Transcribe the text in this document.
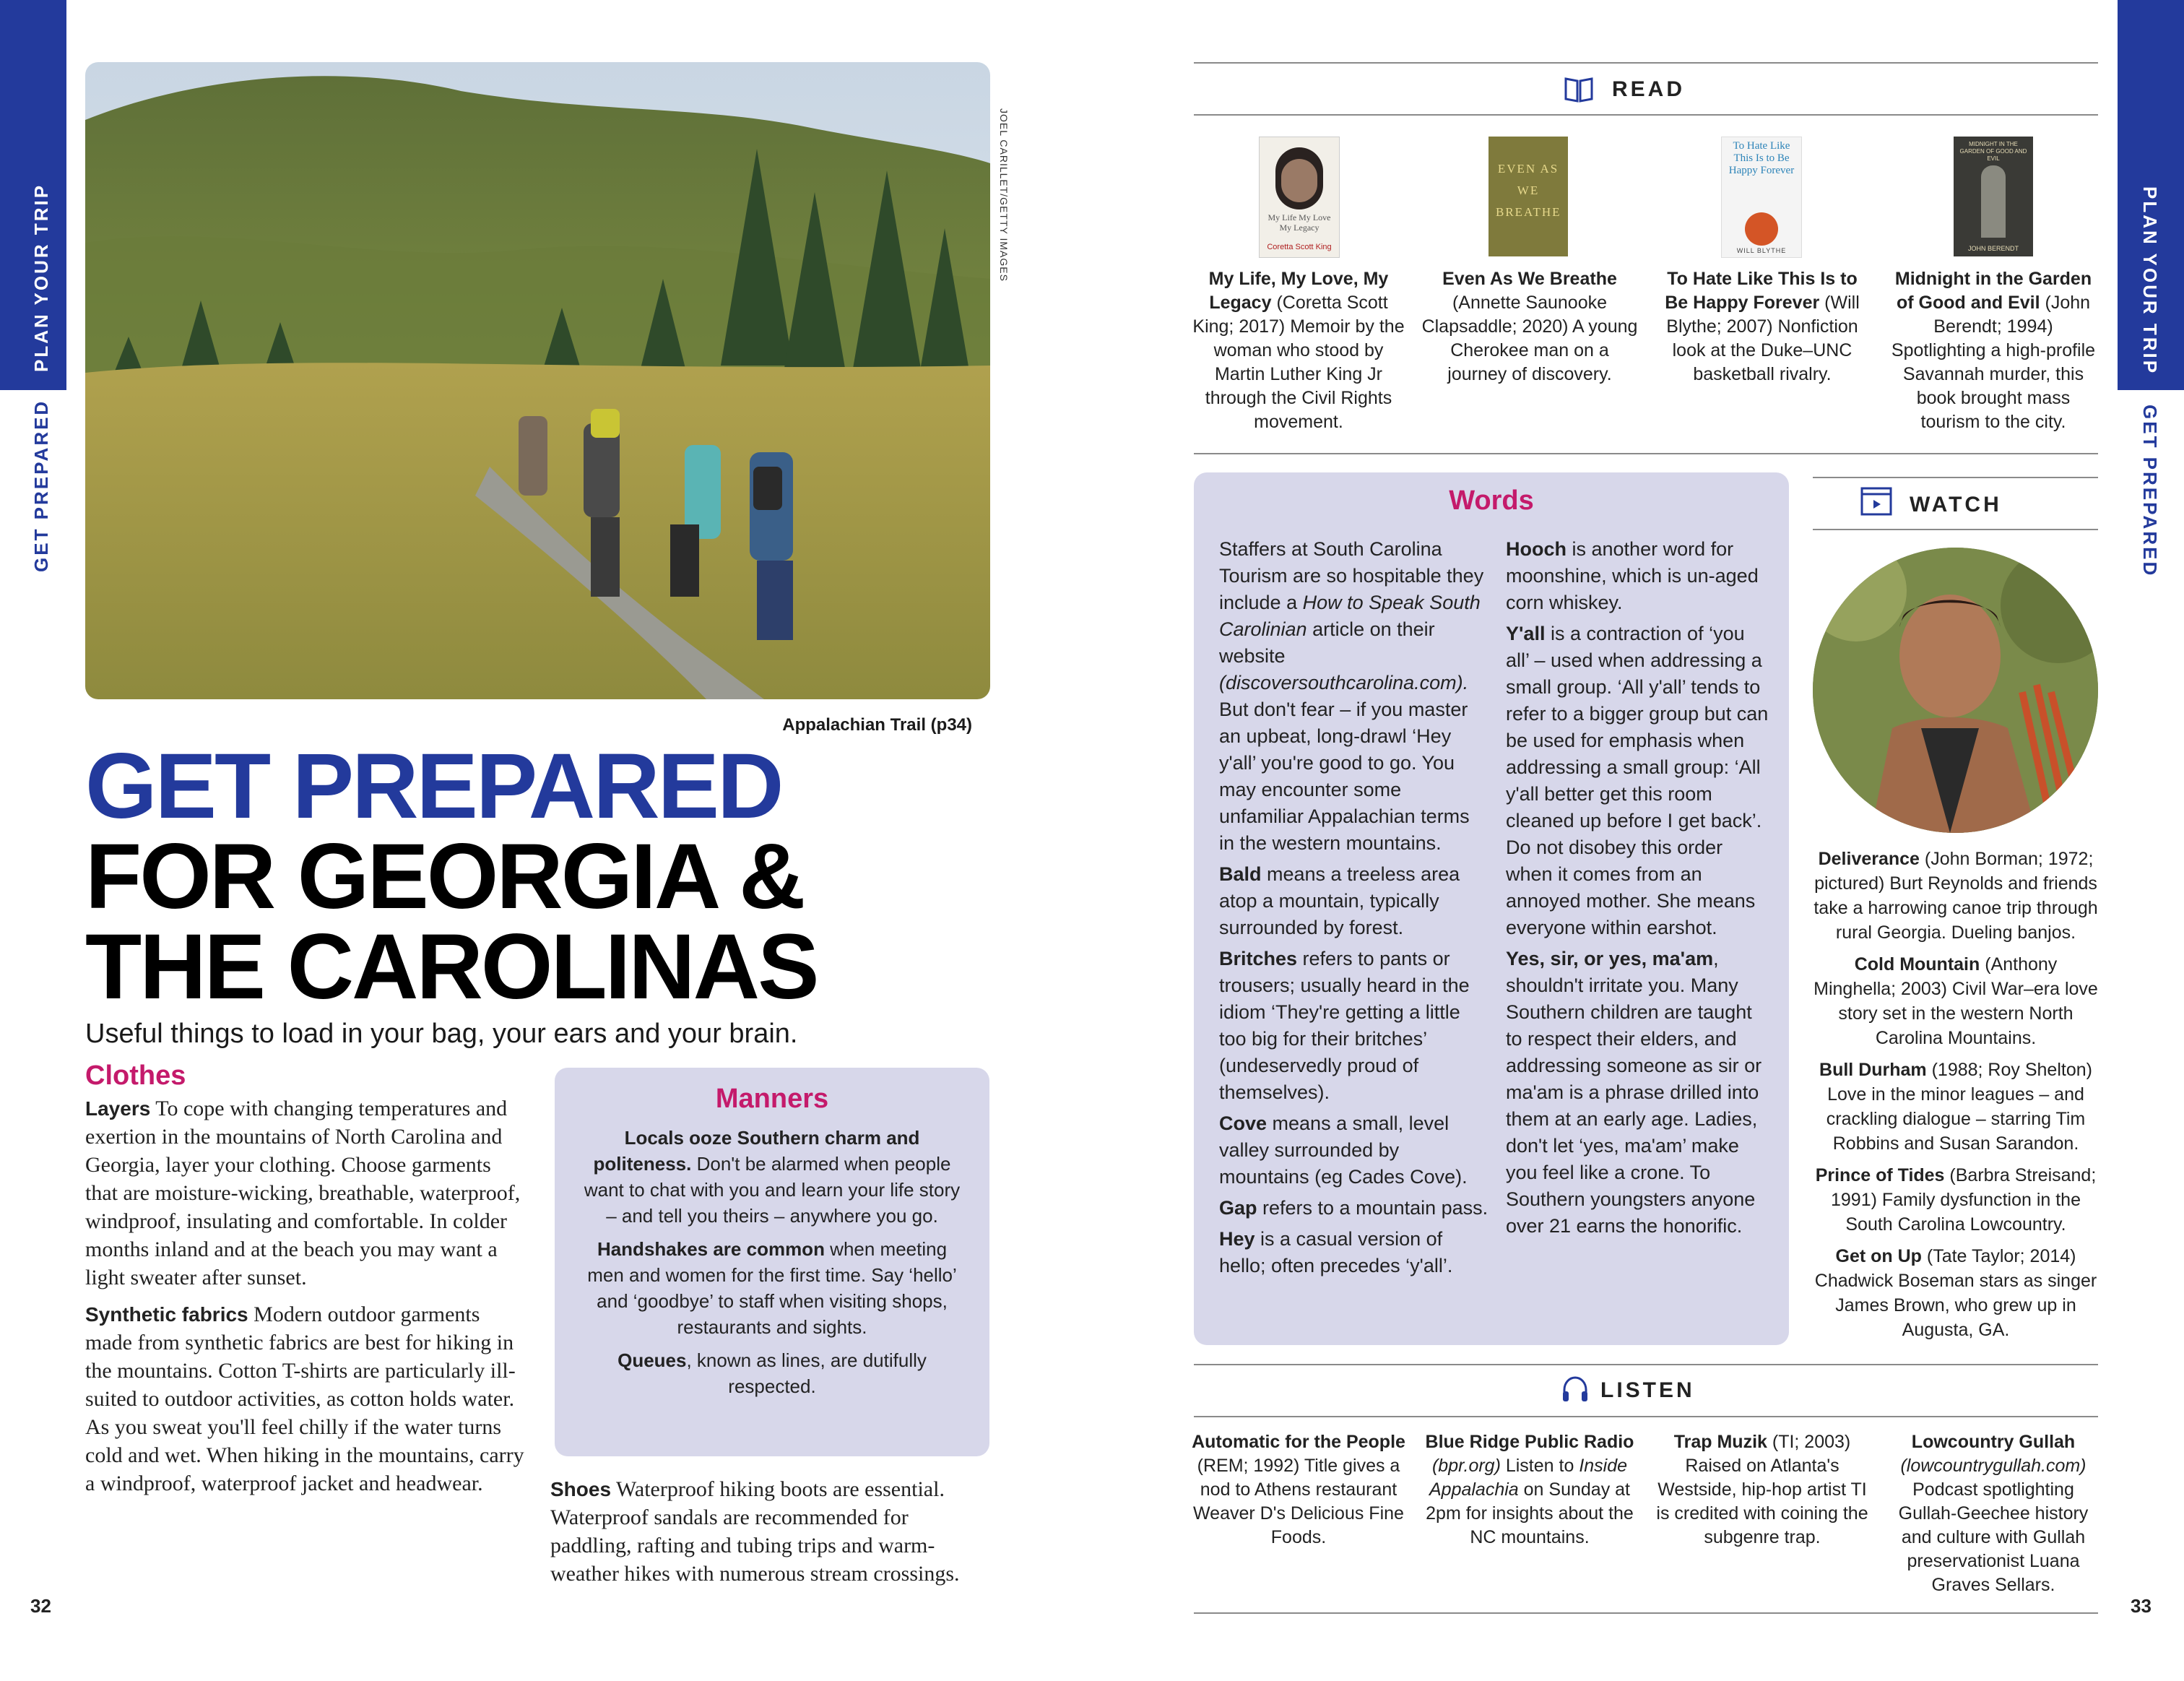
PLAN YOUR TRIP
GET PREPARED
32
JOEL CARILLET/GETTY IMAGES
Appalachian Trail (p34)
GET PREPARED
FOR GEORGIA &
THE CAROLINAS
Useful things to load in your bag, your ears and your brain.
Clothes
Layers To cope with changing temperatures and exertion in the mountains of North Carolina and Georgia, layer your clothing. Choose garments that are moisture-wicking, breathable, waterproof, windproof, insulating and comfortable. In colder months inland and at the beach you may want a light sweater after sunset.
Synthetic fabrics Modern outdoor garments made from synthetic fabrics are best for hiking in the mountains. Cotton T-shirts are particularly ill-suited to outdoor activities, as cotton holds water. As you sweat you'll feel chilly if the water turns cold and wet. When hiking in the mountains, carry a windproof, waterproof jacket and headwear.	Shoes Waterproof hiking boots are essential. Waterproof sandals are recommended for paddling, rafting and tubing trips and warm-weather hikes with numerous stream crossings.
Manners

Locals ooze Southern charm and politeness. Don't be alarmed when people want to chat with you and learn your life story – and tell you theirs – anywhere you go.

Handshakes are common when meeting men and women for the first time. Say ‘hello’ and ‘goodbye’ to staff when visiting shops, restaurants and sights.

Queues, known as lines, are dutifully respected.

PLAN YOUR TRIP
GET PREPARED
33
READ
My Life My Love My Legacy
Coretta Scott King
EVEN AS WE BREATHE
To Hate Like This Is to Be Happy Forever
WILL BLYTHE
MIDNIGHT IN THE GARDEN OF GOOD AND EVIL
JOHN BERENDT
My Life, My Love, My Legacy (Coretta Scott King; 2017) Memoir by the woman who stood by Martin Luther King Jr through the Civil Rights movement.
Even As We Breathe (Annette Saunooke Clapsaddle; 2020) A young Cherokee man on a journey of discovery.
To Hate Like This Is to Be Happy Forever (Will Blythe; 2007) Nonfiction look at the Duke–UNC basketball rivalry.
Midnight in the Garden of Good and Evil (John Berendt; 1994) Spotlighting a high-profile Savannah murder, this book brought mass tourism to the city.
Words

Staffers at South Carolina Tourism are so hospitable they include a How to Speak South Carolinian article on their website (discoversouthcarolina.com). But don't fear – if you master an upbeat, long-drawl ‘Hey y'all’ you're good to go. You may encounter some unfamiliar Appalachian terms in the western mountains.

Bald means a treeless area atop a mountain, typically surrounded by forest.

Britches refers to pants or trousers; usually heard in the idiom ‘They're getting a little too big for their britches’ (undeservedly proud of themselves).

Cove means a small, level valley surrounded by mountains (eg Cades Cove).

Gap refers to a mountain pass.

Hey is a casual version of hello; often precedes ‘y'all’.

Hooch is another word for moonshine, which is un-aged corn whiskey.

Y'all is a contraction of ‘you all’ – used when addressing a small group. ‘All y'all’ tends to refer to a bigger group but can be used for emphasis when addressing a small group: ‘All y'all better get this room cleaned up before I get back’. Do not disobey this order when it comes from an annoyed mother. She means everyone within earshot.

Yes, sir, or yes, ma'am, shouldn't irritate you. Many Southern children are taught to respect their elders, and addressing someone as sir or ma'am is a phrase drilled into them at an early age. Ladies, don't let ‘yes, ma'am’ make you feel like a crone. To Southern youngsters anyone over 21 earns the honorific.

WATCH

Deliverance (John Borman; 1972; pictured) Burt Reynolds and friends take a harrowing canoe trip through rural Georgia. Dueling banjos.

Cold Mountain (Anthony Minghella; 2003) Civil War–era love story set in the western North Carolina Mountains.

Bull Durham (1988; Roy Shelton) Love in the minor leagues – and crackling dialogue – starring Tim Robbins and Susan Sarandon.

Prince of Tides (Barbra Streisand; 1991) Family dysfunction in the South Carolina Lowcountry.

Get on Up (Tate Taylor; 2014) Chadwick Boseman stars as singer James Brown, who grew up in Augusta, GA.

LISTEN
Automatic for the People (REM; 1992) Title gives a nod to Athens restaurant Weaver D's Delicious Fine Foods.
Blue Ridge Public Radio (bpr.org) Listen to Inside Appalachia on Sunday at 2pm for insights about the NC mountains.
Trap Muzik (TI; 2003) Raised on Atlanta's Westside, hip-hop artist TI is credited with coining the subgenre trap.
Lowcountry Gullah (lowcountrygullah.com) Podcast spotlighting Gullah-Geechee history and culture with Gullah preservationist Luana Graves Sellars.
